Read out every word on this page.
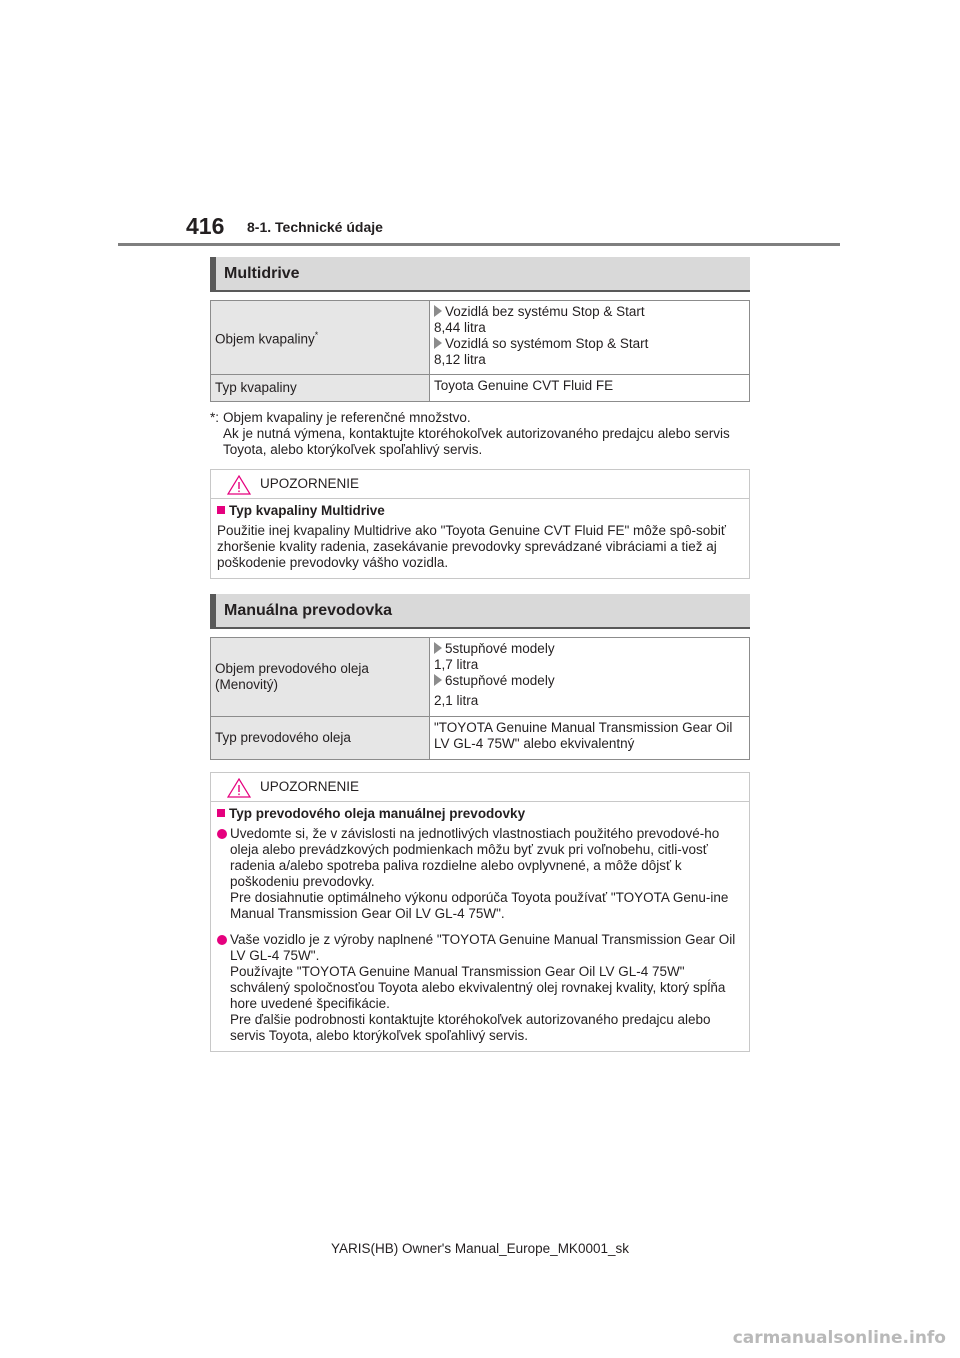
416 8-1. Technické údaje
Multidrive
Objem kvapaliny*	Vozidlá bez systému Stop & Start
8,44 litra
Vozidlá so systémom Stop & Start
8,12 litra

Typ kvapaliny	Toyota Genuine CVT Fluid FE
*: Objem kvapaliny je referenčné množstvo.
Ak je nutná výmena, kontaktujte ktoréhokoľvek autorizovaného predajcu alebo servis Toyota, alebo ktorýkoľvek spoľahlivý servis.
UPOZORNENIE
Typ kvapaliny Multidrive
Použitie inej kvapaliny Multidrive ako "Toyota Genuine CVT Fluid FE" môže spô-sobiť zhoršenie kvality radenia, zasekávanie prevodovky sprevádzané vibráciami a tiež aj poškodenie prevodovky vášho vozidla.
Manuálna prevodovka
Objem prevodového oleja (Menovitý)	5stupňové modely
1,7 litra
6stupňové modely
2,1 litra

Typ prevodového oleja	"TOYOTA Genuine Manual Transmission Gear Oil LV GL-4 75W" alebo ekvivalentný
UPOZORNENIE
Typ prevodového oleja manuálnej prevodovky
Uvedomte si, že v závislosti na jednotlivých vlastnostiach použitého prevodové-ho oleja alebo prevádzkových podmienkach môžu byť zvuk pri voľnobehu, citli-vosť radenia a/alebo spotreba paliva rozdielne alebo ovplyvnené, a môže dôjsť k poškodeniu prevodovky.
Pre dosiahnutie optimálneho výkonu odporúča Toyota používať "TOYOTA Genu-ine Manual Transmission Gear Oil LV GL-4 75W".
Vaše vozidlo je z výroby naplnené "TOYOTA Genuine Manual Transmission Gear Oil LV GL-4 75W".
Používajte "TOYOTA Genuine Manual Transmission Gear Oil LV GL-4 75W" schválený spoločnosťou Toyota alebo ekvivalentný olej rovnakej kvality, ktorý spĺňa hore uvedené špecifikácie.
Pre ďalšie podrobnosti kontaktujte ktoréhokoľvek autorizovaného predajcu alebo servis Toyota, alebo ktorýkoľvek spoľahlivý servis.
YARIS(HB) Owner's Manual_Europe_MK0001_sk
carmanualsonline.info
